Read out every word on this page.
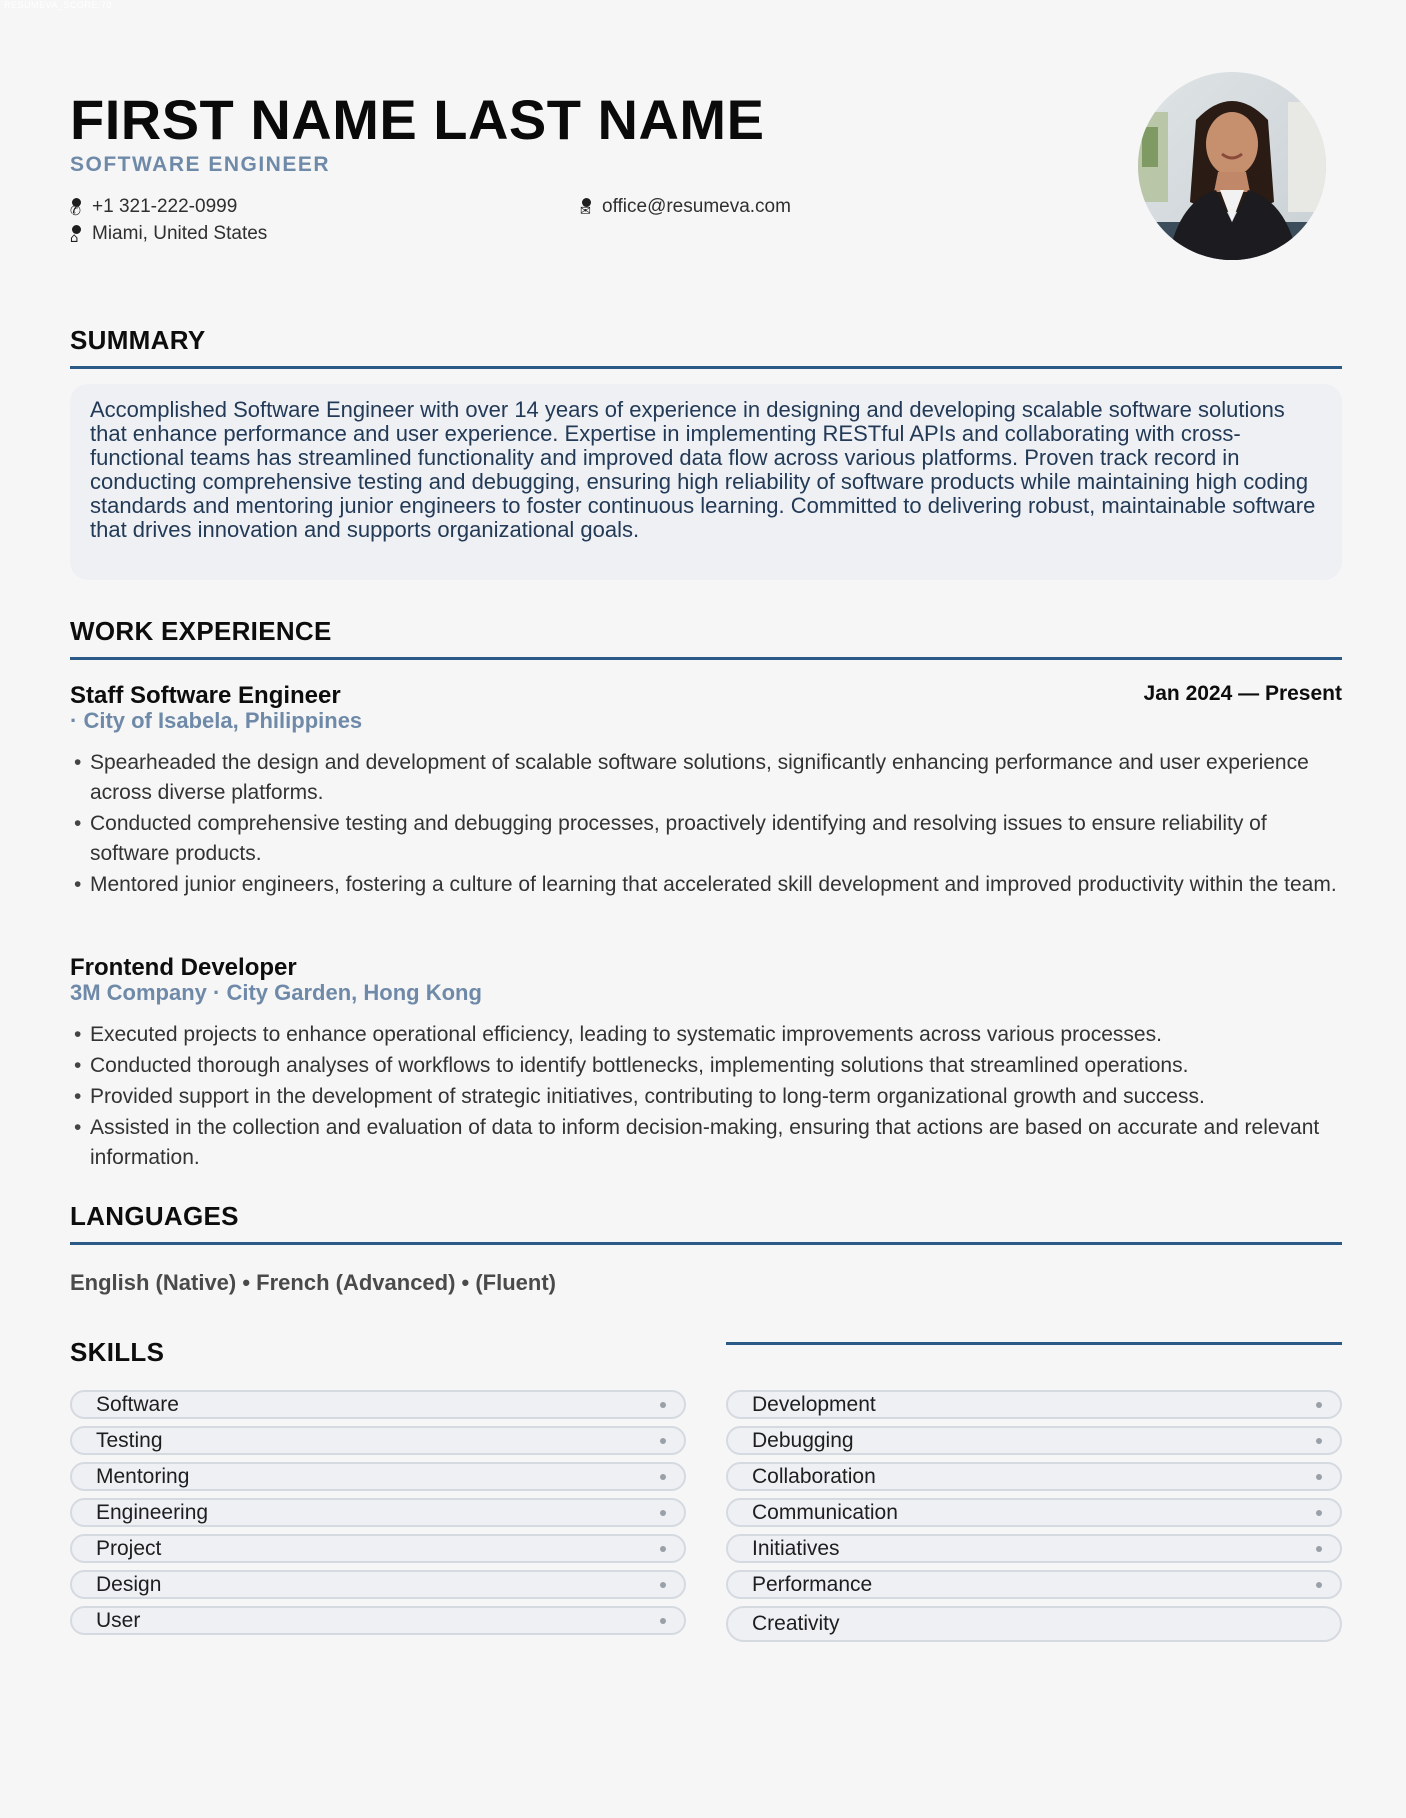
RESUMEVA_SCORE:70
FIRST NAME LAST NAME
SOFTWARE ENGINEER
✆ +1 321-222-0999	✉ office@resumeva.com
⌂ Miami, United States
SUMMARY
Accomplished Software Engineer with over 14 years of experience in designing and developing scalable software solutions that enhance performance and user experience. Expertise in implementing RESTful APIs and collaborating with cross-functional teams has streamlined functionality and improved data flow across various platforms. Proven track record in conducting comprehensive testing and debugging, ensuring high reliability of software products while maintaining high coding standards and mentoring junior engineers to foster continuous learning. Committed to delivering robust, maintainable software that drives innovation and supports organizational goals.
WORK EXPERIENCE
Staff Software Engineer	Jan 2024 — Present
· City of Isabela, Philippines
• Spearheaded the design and development of scalable software solutions, significantly enhancing performance and user experience across diverse platforms.
• Conducted comprehensive testing and debugging processes, proactively identifying and resolving issues to ensure reliability of software products.
• Mentored junior engineers, fostering a culture of learning that accelerated skill development and improved productivity within the team.
Frontend Developer
3M Company · City Garden, Hong Kong
• Executed projects to enhance operational efficiency, leading to systematic improvements across various processes.
• Conducted thorough analyses of workflows to identify bottlenecks, implementing solutions that streamlined operations.
• Provided support in the development of strategic initiatives, contributing to long-term organizational growth and success.
• Assisted in the collection and evaluation of data to inform decision-making, ensuring that actions are based on accurate and relevant information.
LANGUAGES
English (Native) • French (Advanced) • (Fluent)
SKILLS
Software
Testing
Mentoring
Engineering
Project
Design
User
Development
Debugging
Collaboration
Communication
Initiatives
Performance
Creativity
